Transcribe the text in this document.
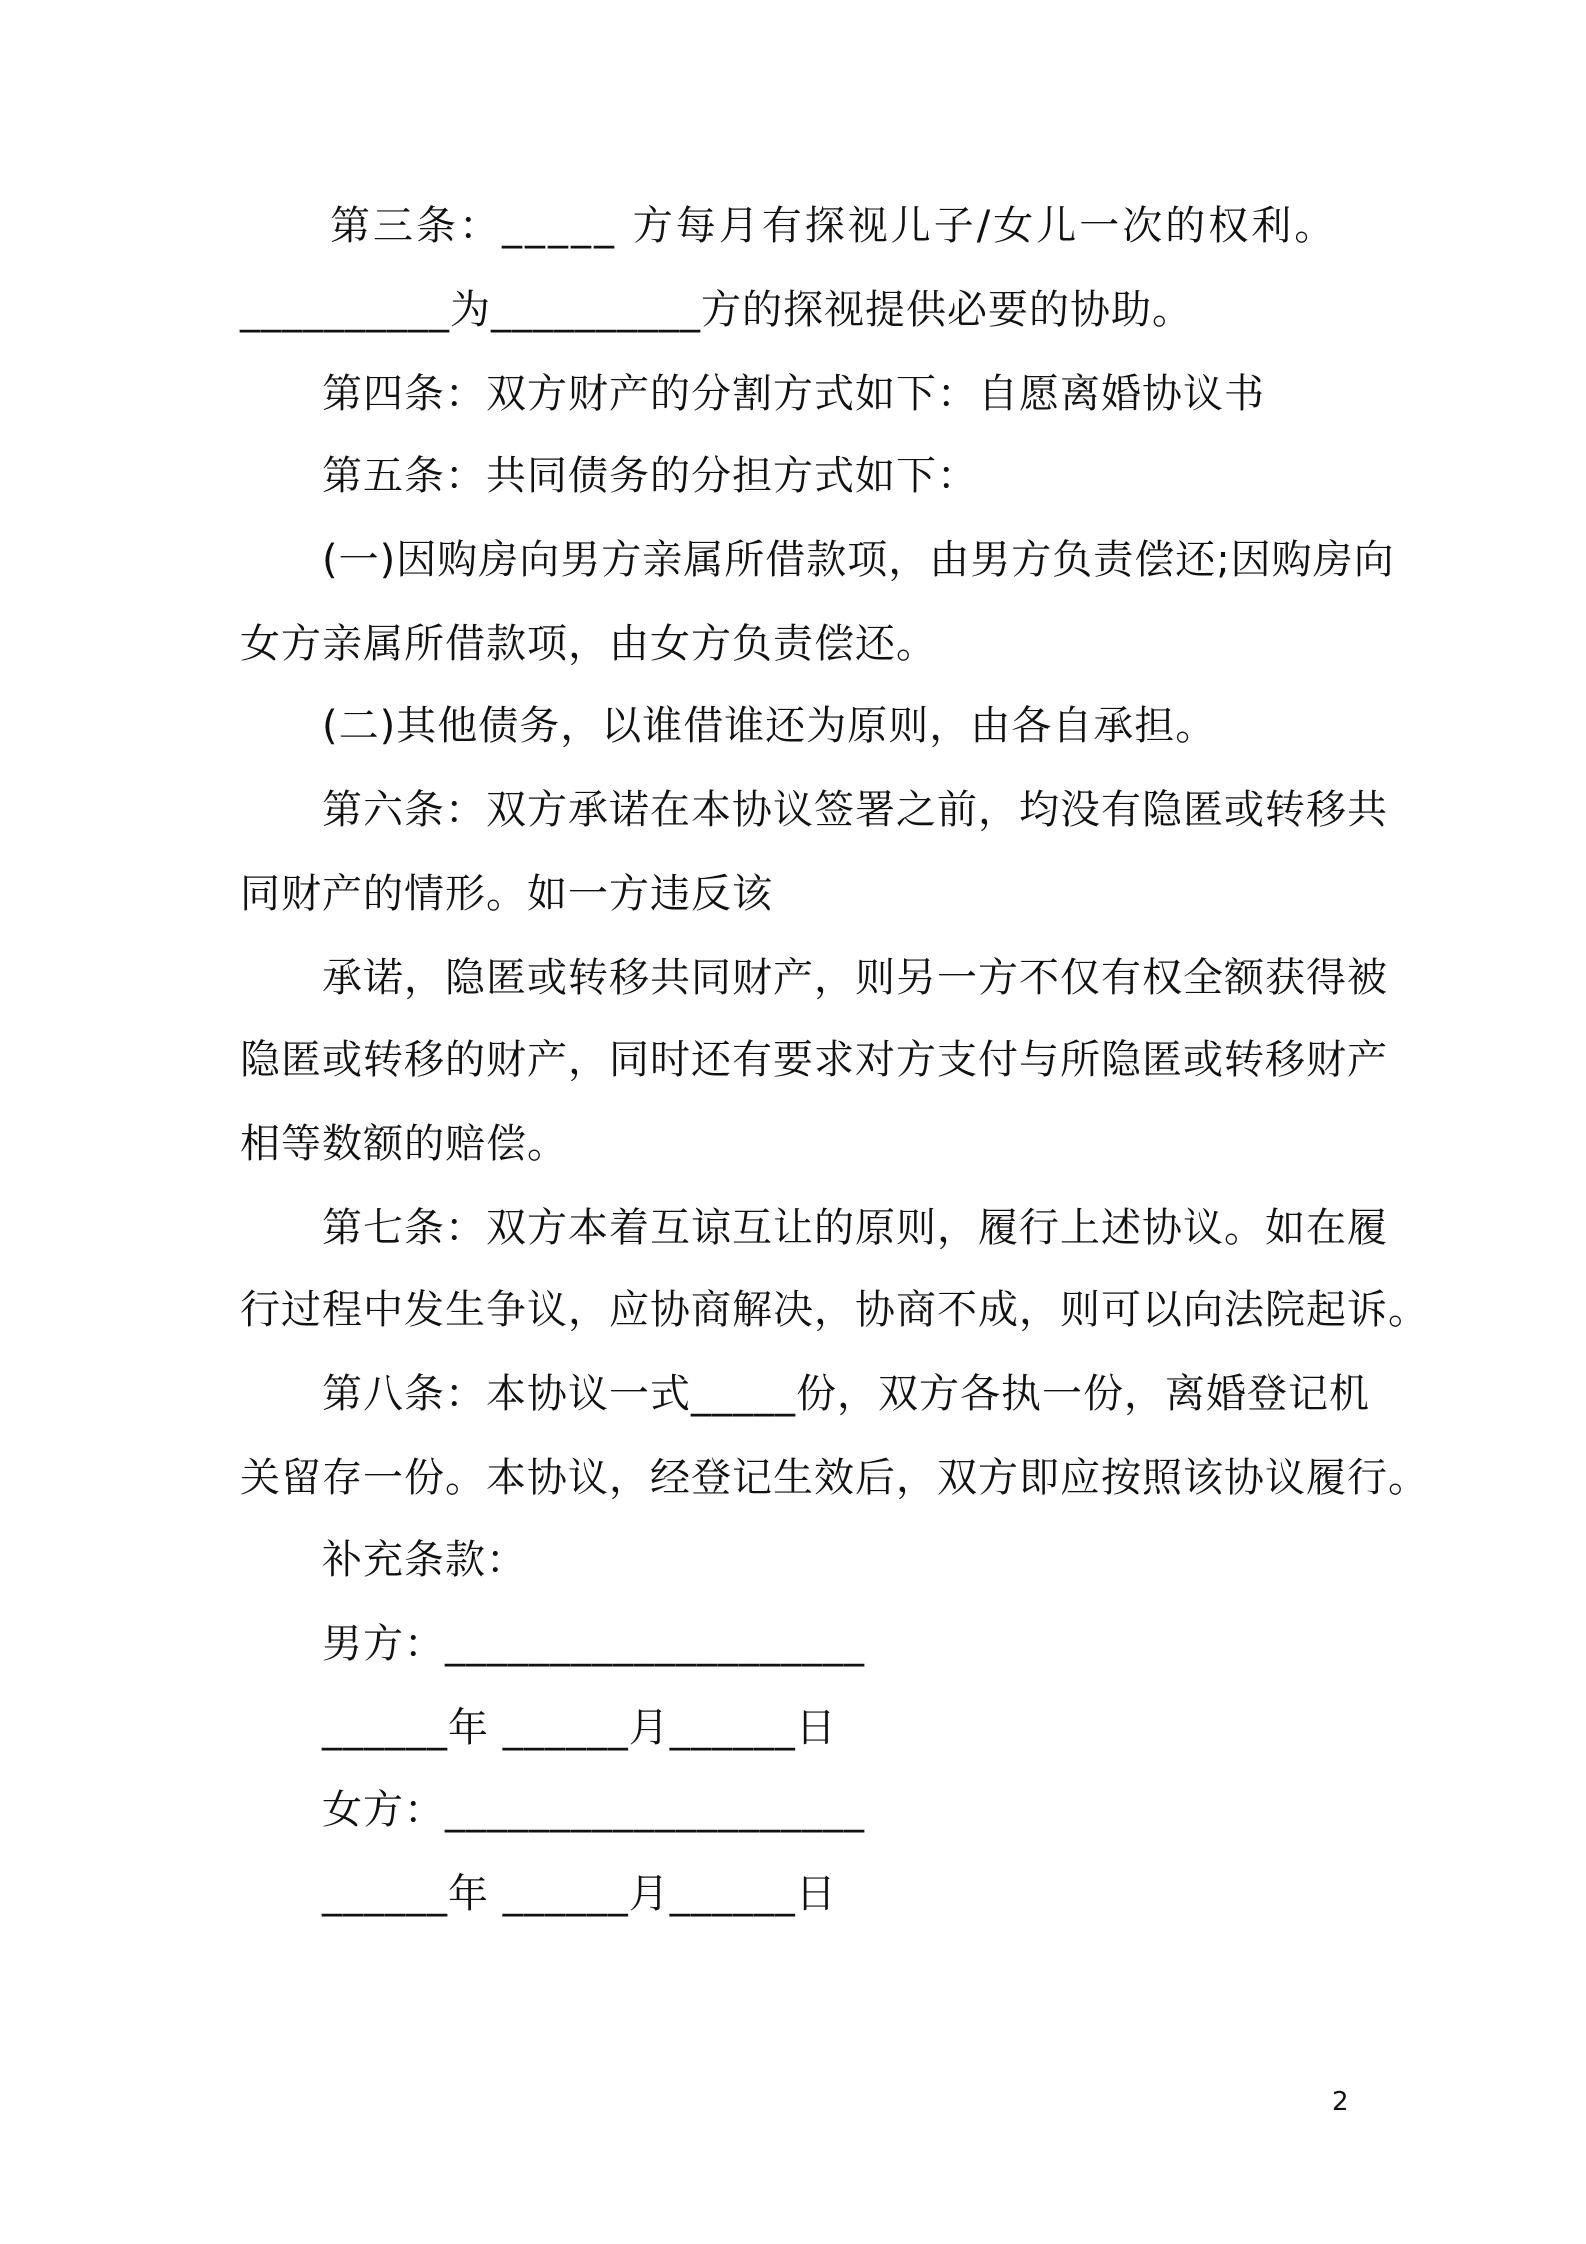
第三条：_____ 方每月有探视儿子/女儿一次的权利。
__________为__________方的探视提供必要的协助。
第四条：双方财产的分割方式如下：自愿离婚协议书
第五条：共同债务的分担方式如下：
(一)因购房向男方亲属所借款项，由男方负责偿还;因购房向
女方亲属所借款项，由女方负责偿还。
(二)其他债务，以谁借谁还为原则，由各自承担。
第六条：双方承诺在本协议签署之前，均没有隐匿或转移共
同财产的情形。如一方违反该
承诺，隐匿或转移共同财产，则另一方不仅有权全额获得被
隐匿或转移的财产，同时还有要求对方支付与所隐匿或转移财产
相等数额的赔偿。
第七条：双方本着互谅互让的原则，履行上述协议。如在履
行过程中发生争议，应协商解决，协商不成，则可以向法院起诉。
第八条：本协议一式_____份，双方各执一份，离婚登记机
关留存一份。本协议，经登记生效后，双方即应按照该协议履行。
补充条款：
男方：____________________
______年 ______月______日
女方：____________________
______年 ______月______日
2
